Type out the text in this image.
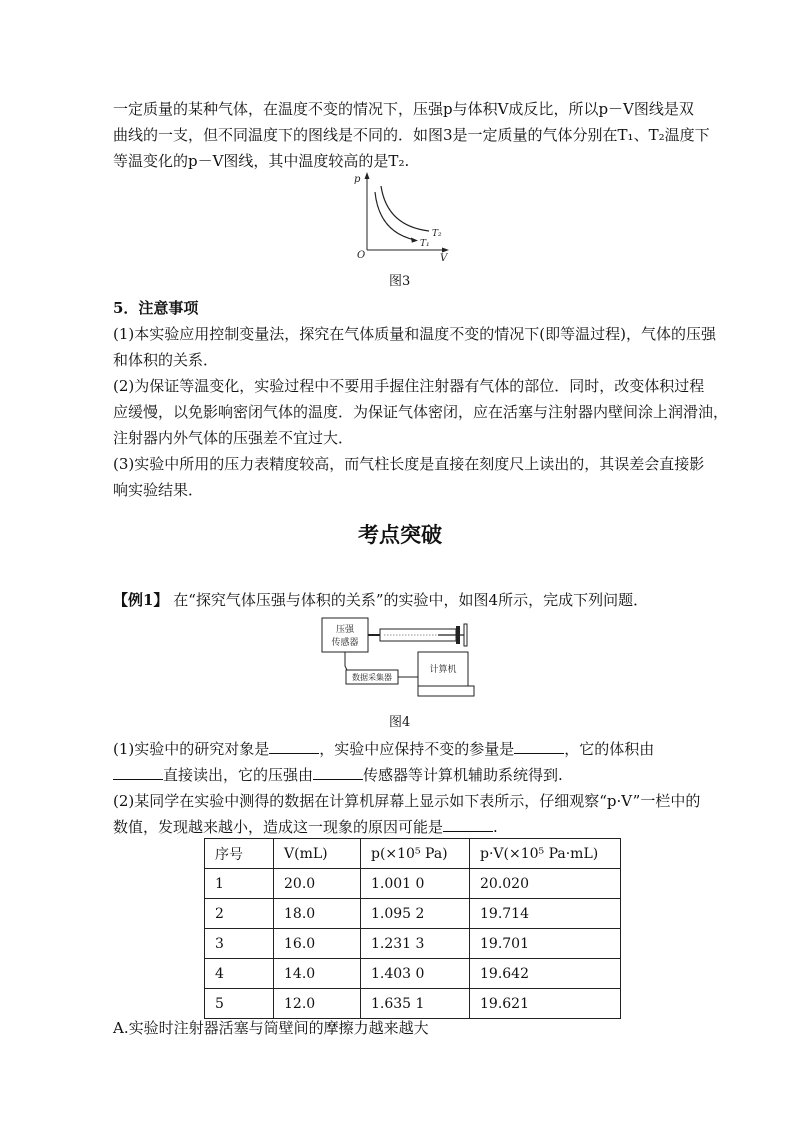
一定质量的某种气体，在温度不变的情况下，压强p与体积V成反比，所以p－V图线是双
曲线的一支，但不同温度下的图线是不同的．如图3是一定质量的气体分别在T₁、T₂温度下
等温变化的p－V图线，其中温度较高的是T₂.
p
V
O
T₂
T₁
图3
5．注意事项
(1)本实验应用控制变量法，探究在气体质量和温度不变的情况下(即等温过程)，气体的压强
和体积的关系．
(2)为保证等温变化，实验过程中不要用手握住注射器有气体的部位．同时，改变体积过程
应缓慢，以免影响密闭气体的温度．为保证气体密闭，应在活塞与注射器内壁间涂上润滑油，
注射器内外气体的压强差不宜过大．
(3)实验中所用的压力表精度较高，而气柱长度是直接在刻度尺上读出的，其误差会直接影
响实验结果．
考点突破
【例1】 在“探究气体压强与体积的关系”的实验中，如图4所示，完成下列问题．
压强
传感器
数据采集器
计算机
图4
(1)实验中的研究对象是	，实验中应保持不变的参量是	，它的体积由
直接读出，它的压强由	传感器等计算机辅助系统得到.
(2)某同学在实验中测得的数据在计算机屏幕上显示如下表所示，仔细观察“p·V”一栏中的
数值，发现越来越小，造成这一现象的原因可能是	.
序号	V(mL)	p(×10⁵ Pa)	p·V(×10⁵ Pa·mL)
1	20.0	1.001 0	20.020
2	18.0	1.095 2	19.714
3	16.0	1.231 3	19.701
4	14.0	1.403 0	19.642
5	12.0	1.635 1	19.621
A.实验时注射器活塞与筒壁间的摩擦力越来越大
